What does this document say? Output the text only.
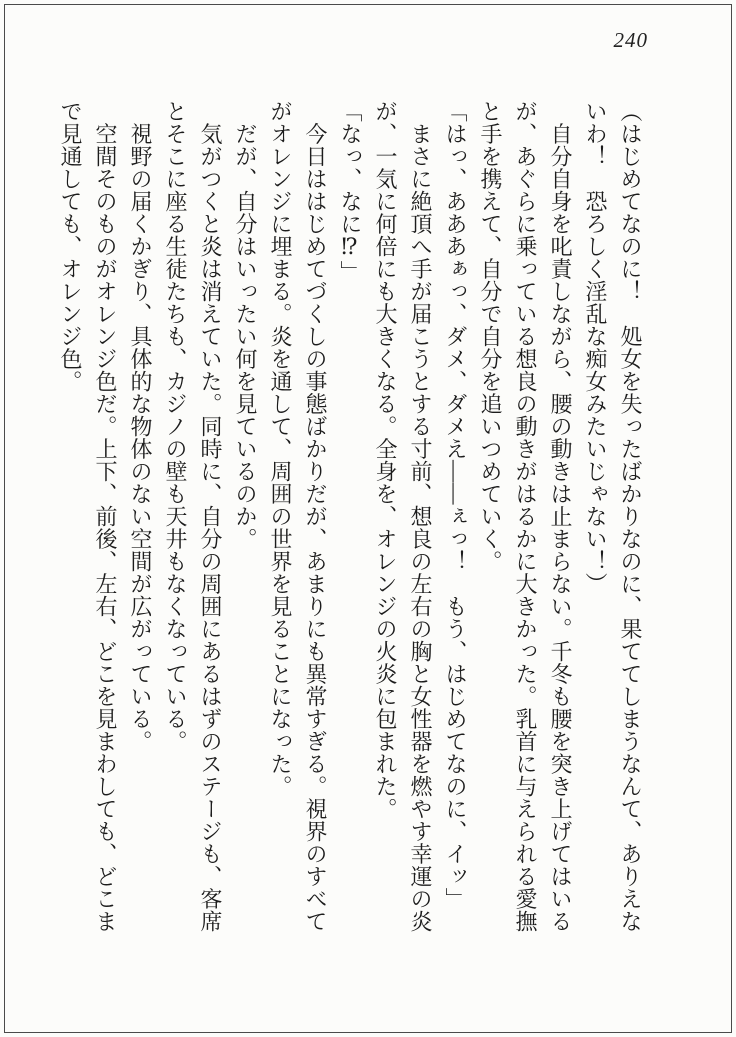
240

（はじめてなのに！　処女を失ったばかりなのに、果ててしまうなんて、ありえないわ！　恐ろしく淫乱な痴女みたいじゃない！）

　自分自身を叱責しながら、腰の動きは止まらない。千冬も腰を突き上げてはいるが、あぐらに乗っている想良の動きがはるかに大きかった。乳首に与えられる愛撫と手を携えて、自分で自分を追いつめていく。

「はっ、あああぁっ、ダメ、ダメえ――ぇっ！　もう、はじめてなのに、イッ」

　まさに絶頂へ手が届こうとする寸前、想良の左右の胸と女性器を燃やす幸運の炎が、一気に何倍にも大きくなる。全身を、オレンジの火炎に包まれた。

「なっ、なに⁉」

　今日ははじめてづくしの事態ばかりだが、あまりにも異常すぎる。視界のすべてがオレンジに埋まる。炎を通して、周囲の世界を見ることになった。

　だが、自分はいったい何を見ているのか。

　気がつくと炎は消えていた。同時に、自分の周囲にあるはずのステージも、客席とそこに座る生徒たちも、カジノの壁も天井もなくなっている。

　視野の届くかぎり、具体的な物体のない空間が広がっている。

　空間そのものがオレンジ色だ。上下、前後、左右、どこを見まわしても、どこまで見通しても、オレンジ色。
